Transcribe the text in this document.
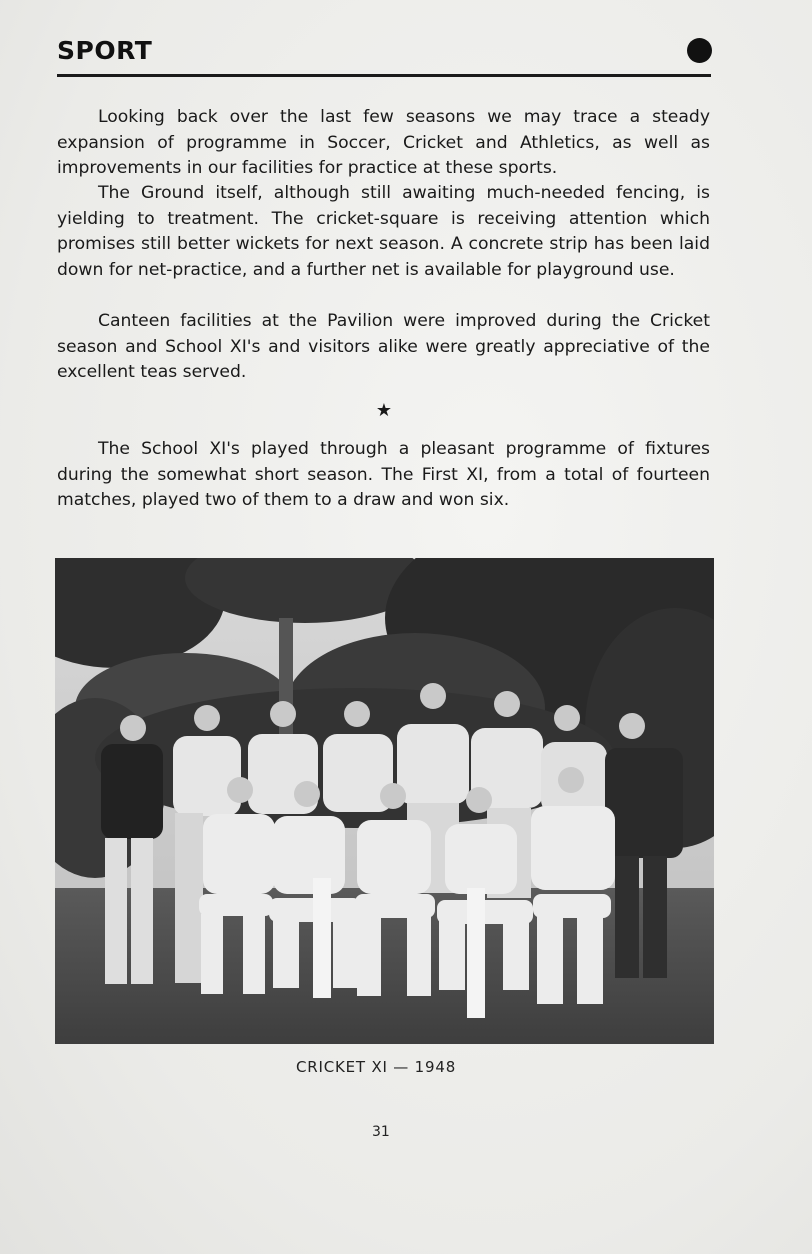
SPORT

Looking back over the last few seasons we may trace a steady expansion of programme in Soccer, Cricket and Athletics, as well as improvements in our facilities for practice at these sports.

The Ground itself, although still awaiting much-needed fencing, is yielding to treatment. The cricket-square is receiving attention which promises still better wickets for next season. A concrete strip has been laid down for net-practice, and a further net is available for playground use.

Canteen facilities at the Pavilion were improved during the Cricket season and School XI's and visitors alike were greatly appreciative of the excellent teas served.

★

The School XI's played through a pleasant programme of fixtures during the somewhat short season. The First XI, from a total of fourteen matches, played two of them to a draw and won six.

CRICKET XI — 1948
31
